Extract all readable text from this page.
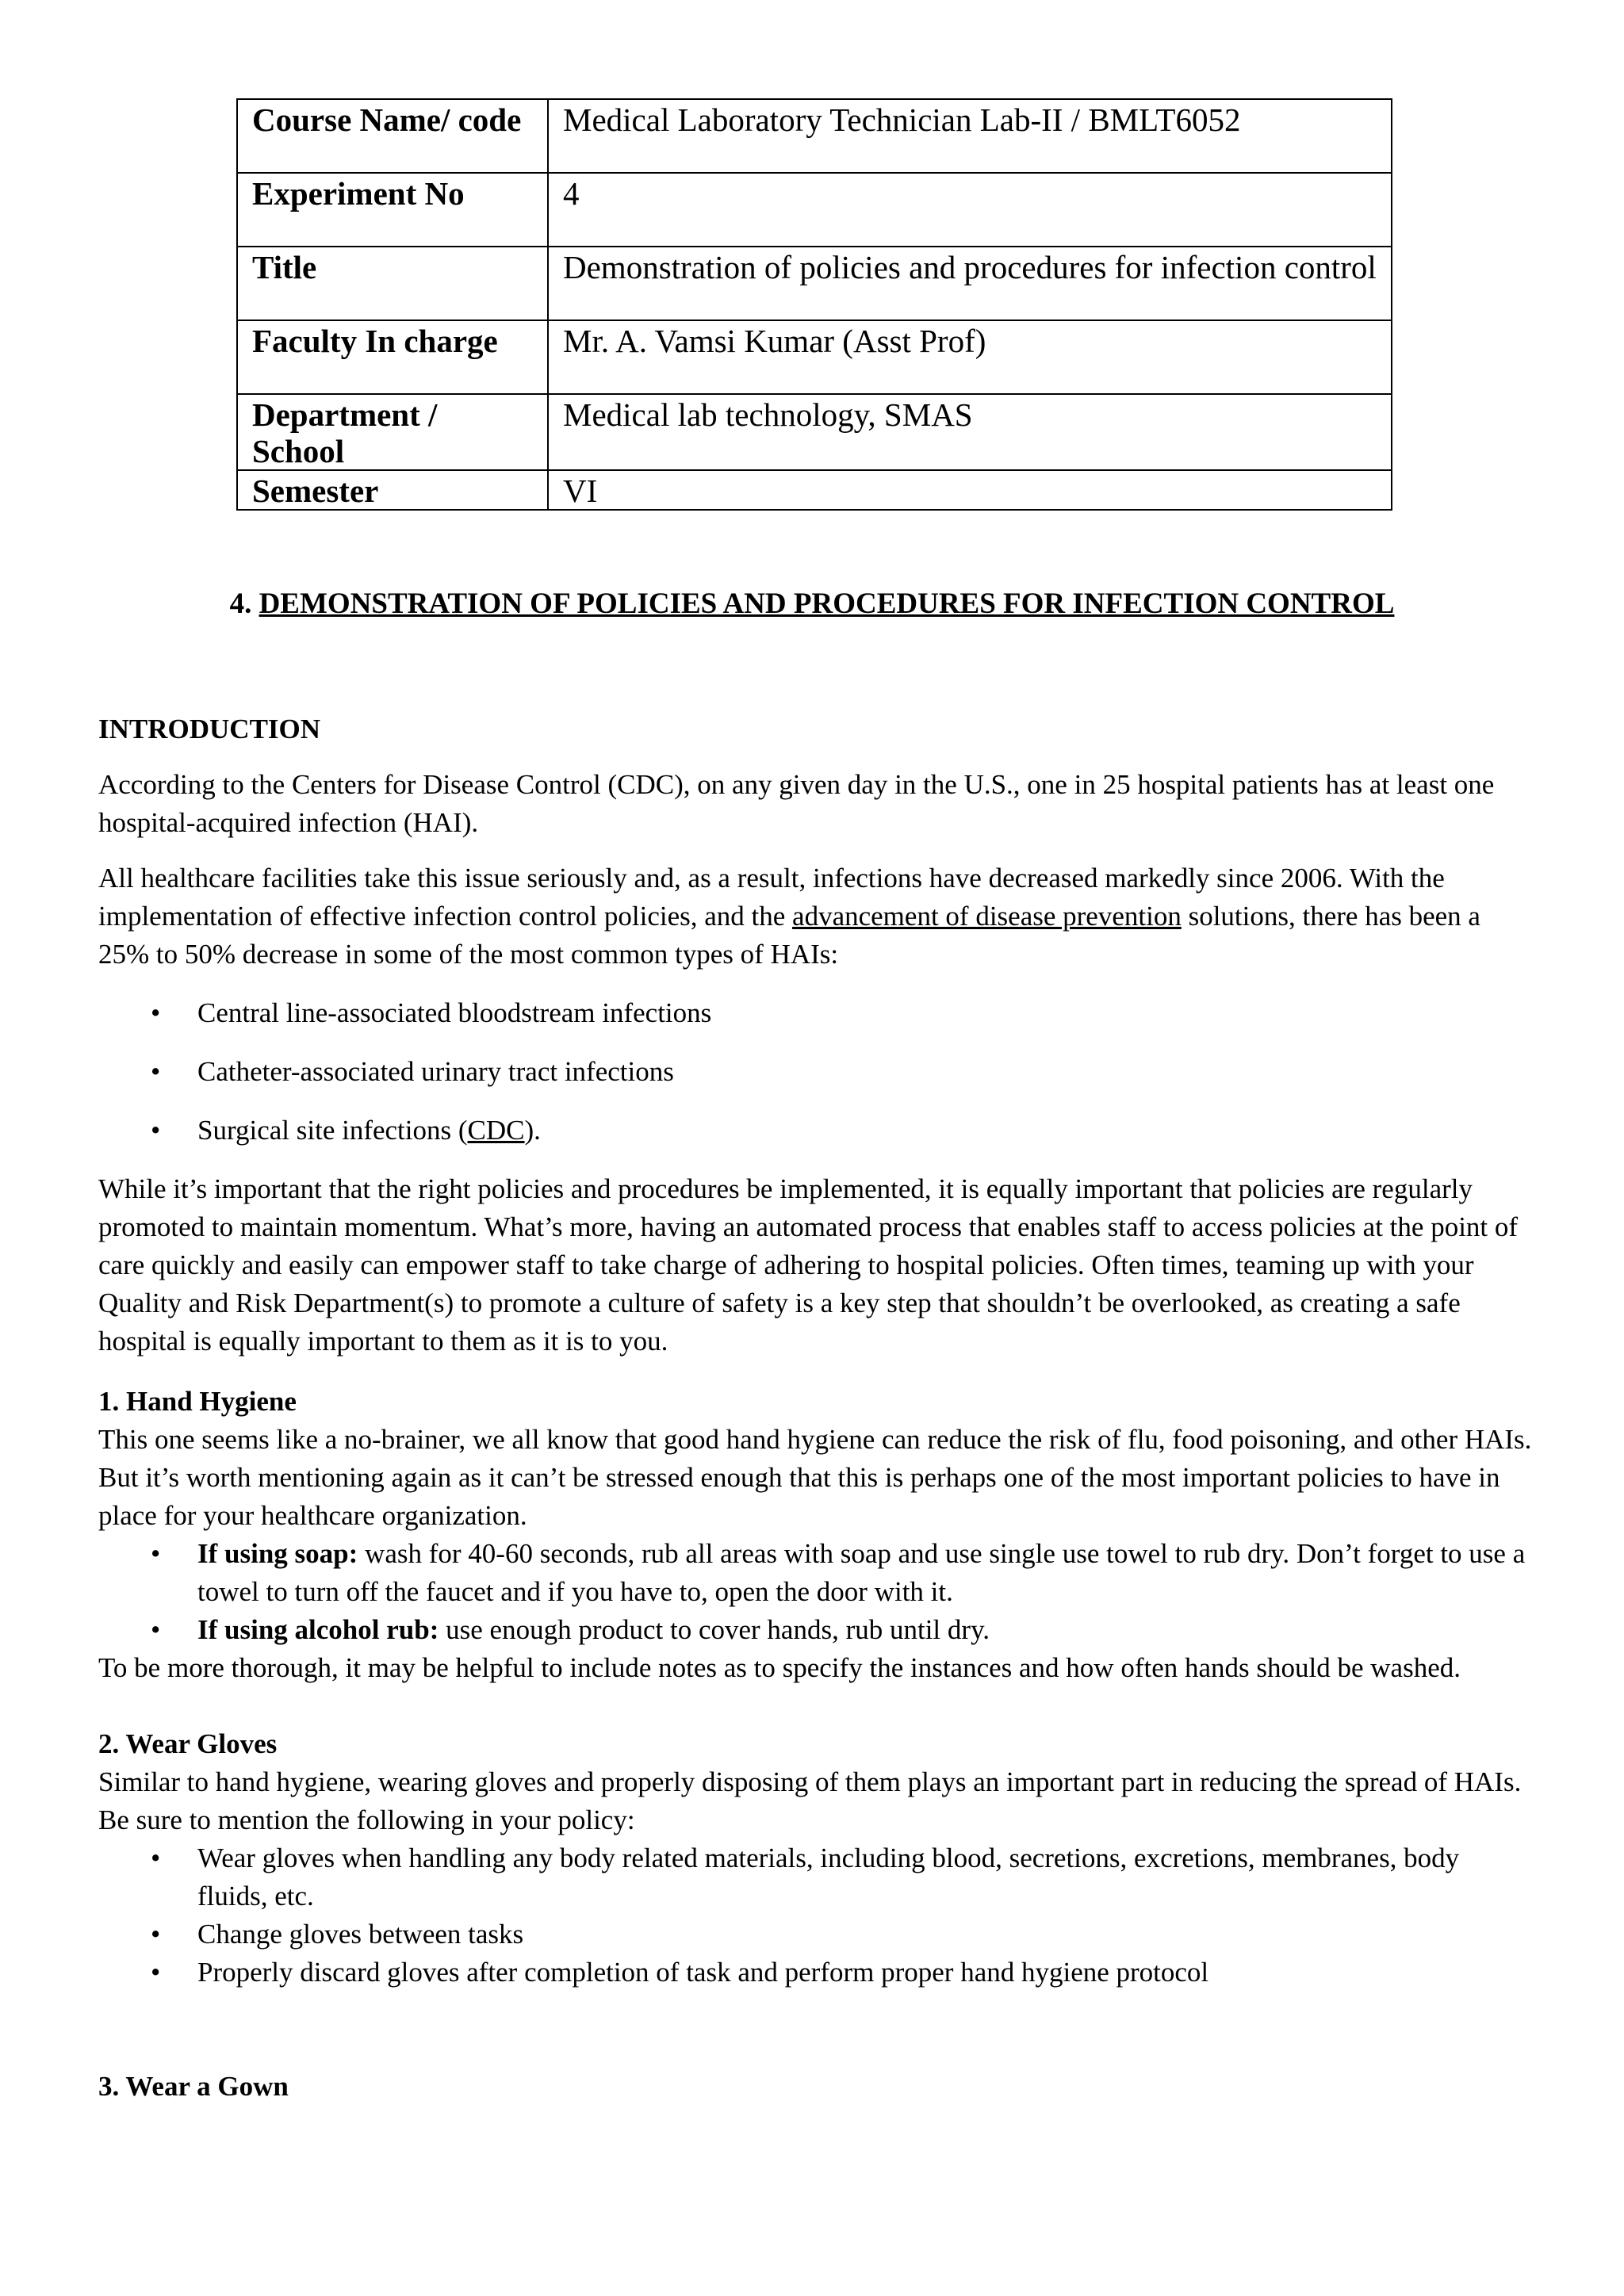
Course Name/ code	Medical Laboratory Technician Lab-II / BMLT6052
Experiment No	4
Title	Demonstration of policies and procedures for infection control
Faculty In charge	Mr. A. Vamsi Kumar (Asst Prof)
Department / School	Medical lab technology, SMAS
Semester	VI
4. DEMONSTRATION OF POLICIES AND PROCEDURES FOR INFECTION CONTROL

INTRODUCTION

According to the Centers for Disease Control (CDC), on any given day in the U.S., one in 25 hospital patients has at least one hospital-acquired infection (HAI).

All healthcare facilities take this issue seriously and, as a result, infections have decreased markedly since 2006. With the implementation of effective infection control policies, and the advancement of disease prevention solutions, there has been a 25% to 50% decrease in some of the most common types of HAIs:

• Central line-associated bloodstream infections
• Catheter-associated urinary tract infections
• Surgical site infections (CDC).

While it’s important that the right policies and procedures be implemented, it is equally important that policies are regularly promoted to maintain momentum. What’s more, having an automated process that enables staff to access policies at the point of care quickly and easily can empower staff to take charge of adhering to hospital policies. Often times, teaming up with your Quality and Risk Department(s) to promote a culture of safety is a key step that shouldn’t be overlooked, as creating a safe hospital is equally important to them as it is to you.

1. Hand Hygiene

This one seems like a no-brainer, we all know that good hand hygiene can reduce the risk of flu, food poisoning, and other HAIs. But it’s worth mentioning again as it can’t be stressed enough that this is perhaps one of the most important policies to have in place for your healthcare organization.

• If using soap: wash for 40-60 seconds, rub all areas with soap and use single use towel to rub dry. Don’t forget to use a towel to turn off the faucet and if you have to, open the door with it.
• If using alcohol rub: use enough product to cover hands, rub until dry.

To be more thorough, it may be helpful to include notes as to specify the instances and how often hands should be washed.

2. Wear Gloves

Similar to hand hygiene, wearing gloves and properly disposing of them plays an important part in reducing the spread of HAIs. Be sure to mention the following in your policy:

• Wear gloves when handling any body related materials, including blood, secretions, excretions, membranes, body fluids, etc.
• Change gloves between tasks
• Properly discard gloves after completion of task and perform proper hand hygiene protocol

3. Wear a Gown
